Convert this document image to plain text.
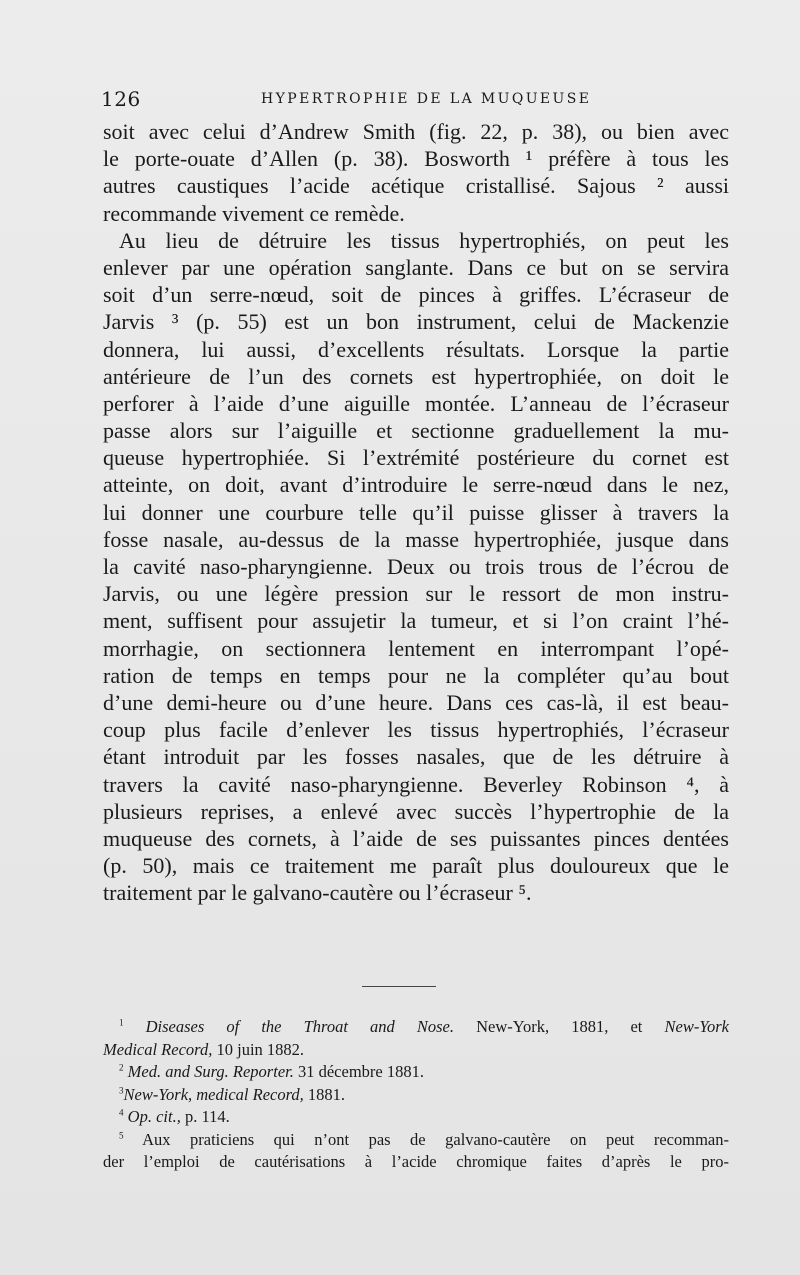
126	HYPERTROPHIE DE LA MUQUEUSE
soit avec celui d’Andrew Smith (fig. 22, p. 38), ou bien avec
le porte-ouate d’Allen (p. 38). Bosworth ¹ préfère à tous les
autres caustiques l’acide acétique cristallisé. Sajous ² aussi
recommande vivement ce remède.
Au lieu de détruire les tissus hypertrophiés, on peut les
enlever par une opération sanglante. Dans ce but on se servira
soit d’un serre-nœud, soit de pinces à griffes. L’écraseur de
Jarvis ³ (p. 55) est un bon instrument, celui de Mackenzie
donnera, lui aussi, d’excellents résultats. Lorsque la partie
antérieure de l’un des cornets est hypertrophiée, on doit le
perforer à l’aide d’une aiguille montée. L’anneau de l’écraseur
passe alors sur l’aiguille et sectionne graduellement la mu-
queuse hypertrophiée. Si l’extrémité postérieure du cornet est
atteinte, on doit, avant d’introduire le serre-nœud dans le nez,
lui donner une courbure telle qu’il puisse glisser à travers la
fosse nasale, au-dessus de la masse hypertrophiée, jusque dans
la cavité naso-pharyngienne. Deux ou trois trous de l’écrou de
Jarvis, ou une légère pression sur le ressort de mon instru-
ment, suffisent pour assujetir la tumeur, et si l’on craint l’hé-
morrhagie, on sectionnera lentement en interrompant l’opé-
ration de temps en temps pour ne la compléter qu’au bout
d’une demi-heure ou d’une heure. Dans ces cas-là, il est beau-
coup plus facile d’enlever les tissus hypertrophiés, l’écraseur
étant introduit par les fosses nasales, que de les détruire à
travers la cavité naso-pharyngienne. Beverley Robinson ⁴, à
plusieurs reprises, a enlevé avec succès l’hypertrophie de la
muqueuse des cornets, à l’aide de ses puissantes pinces dentées
(p. 50), mais ce traitement me paraît plus douloureux que le
traitement par le galvano-cautère ou l’écraseur ⁵.
$^1$ Diseases of the Throat and Nose. New-York, 1881, et New-York
Medical Record, 10 juin 1882.
$^2$ Med. and Surg. Reporter. 31 décembre 1881.
$^3$New-York, medical Record, 1881.
$^4$ Op. cit., p. 114.
$^5$ Aux praticiens qui n’ont pas de galvano-cautère on peut recomman-
der l’emploi de cautérisations à l’acide chromique faites d’après le pro-
